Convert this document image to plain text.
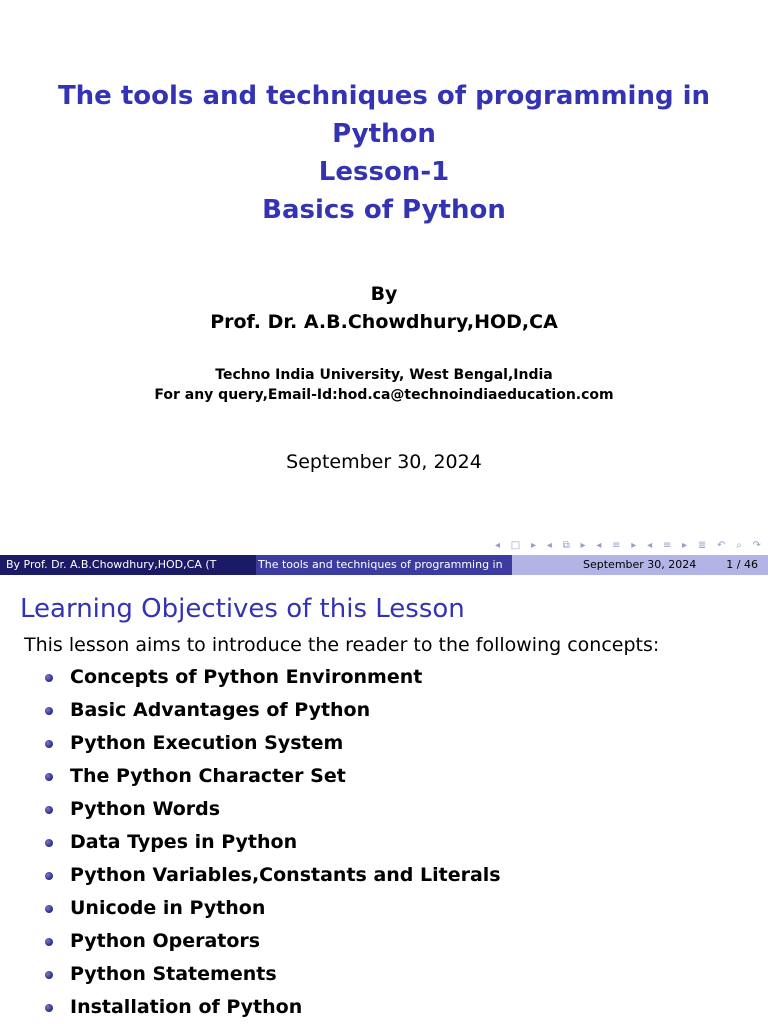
The tools and techniques of programming in
Python
Lesson-1
Basics of Python
By
Prof. Dr. A.B.Chowdhury,HOD,CA
Techno India University, West Bengal,India
For any query,Email-Id:hod.ca@technoindiaeducation.com
September 30, 2024
◂ □ ▸ ◂ ⧉ ▸ ◂ ≡ ▸ ◂ ≡ ▸ ≣ ↶ ⌕ ↷
By Prof. Dr. A.B.Chowdhury,HOD,CA (T	The tools and techniques of programming in	September 30, 2024	1 / 46
Learning Objectives of this Lesson
This lesson aims to introduce the reader to the following concepts:
Concepts of Python Environment
Basic Advantages of Python
Python Execution System
The Python Character Set
Python Words
Data Types in Python
Python Variables,Constants and Literals
Unicode in Python
Python Operators
Python Statements
Installation of Python
